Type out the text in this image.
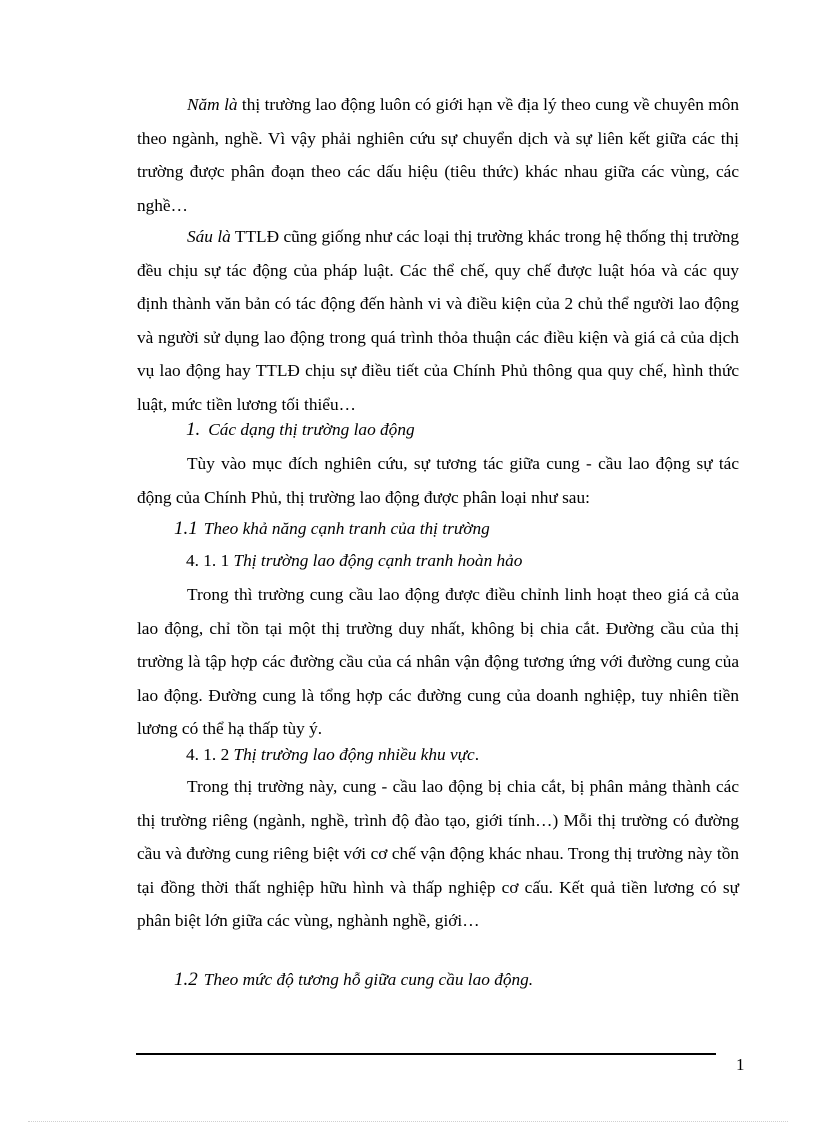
Năm là thị trường lao động luôn có giới hạn về địa lý theo cung về chuyên môn theo ngành, nghề. Vì vậy phải nghiên cứu sự chuyển dịch và sự liên kết giữa các thị trường được phân đoạn theo các dấu hiệu (tiêu thức) khác nhau giữa các vùng, các nghề…

Sáu là TTLĐ cũng giống như các loại thị trường khác trong hệ thống thị trường đều chịu sự tác động của pháp luật. Các thể chế, quy chế được luật hóa và các quy định thành văn bản có tác động đến hành vi và điều kiện của 2 chủ thể người lao động và người sử dụng lao động trong quá trình thỏa thuận các điều kiện và giá cả của dịch vụ lao động hay TTLĐ chịu sự điều tiết của Chính Phủ thông qua quy chế, hình thức luật, mức tiền lương tối thiểu…

1. Các dạng thị trường lao động

Tùy vào mục đích nghiên cứu, sự tương tác giữa cung - cầu lao động sự tác động của Chính Phủ, thị trường lao động được phân loại như sau:

1.1 Theo khả năng cạnh tranh của thị trường
4. 1. 1 Thị trường lao động cạnh tranh hoàn hảo

Trong thì trường cung cầu lao động được điều chỉnh linh hoạt theo giá cả của lao động, chỉ tồn tại một thị trường duy nhất, không bị chia cắt. Đường cầu của thị trường là tập hợp các đường cầu của cá nhân vận động tương ứng với đường cung của lao động. Đường cung là tổng hợp các đường cung của doanh nghiệp, tuy nhiên tiền lương có thể hạ thấp tùy ý.

4. 1. 2 Thị trường lao động nhiều khu vực.

Trong thị trường này, cung - cầu lao động bị chia cắt, bị phân mảng thành các thị trường riêng (ngành, nghề, trình độ đào tạo, giới tính…) Mỗi thị trường có đường cầu và đường cung riêng biệt với cơ chế vận động khác nhau. Trong thị trường này tồn tại đồng thời thất nghiệp hữu hình và thấp nghiệp cơ cấu. Kết quả tiền lương có sự phân biệt lớn giữa các vùng, nghành nghề, giới…

1.2 Theo mức độ tương hỗ giữa cung cầu lao động.
1
